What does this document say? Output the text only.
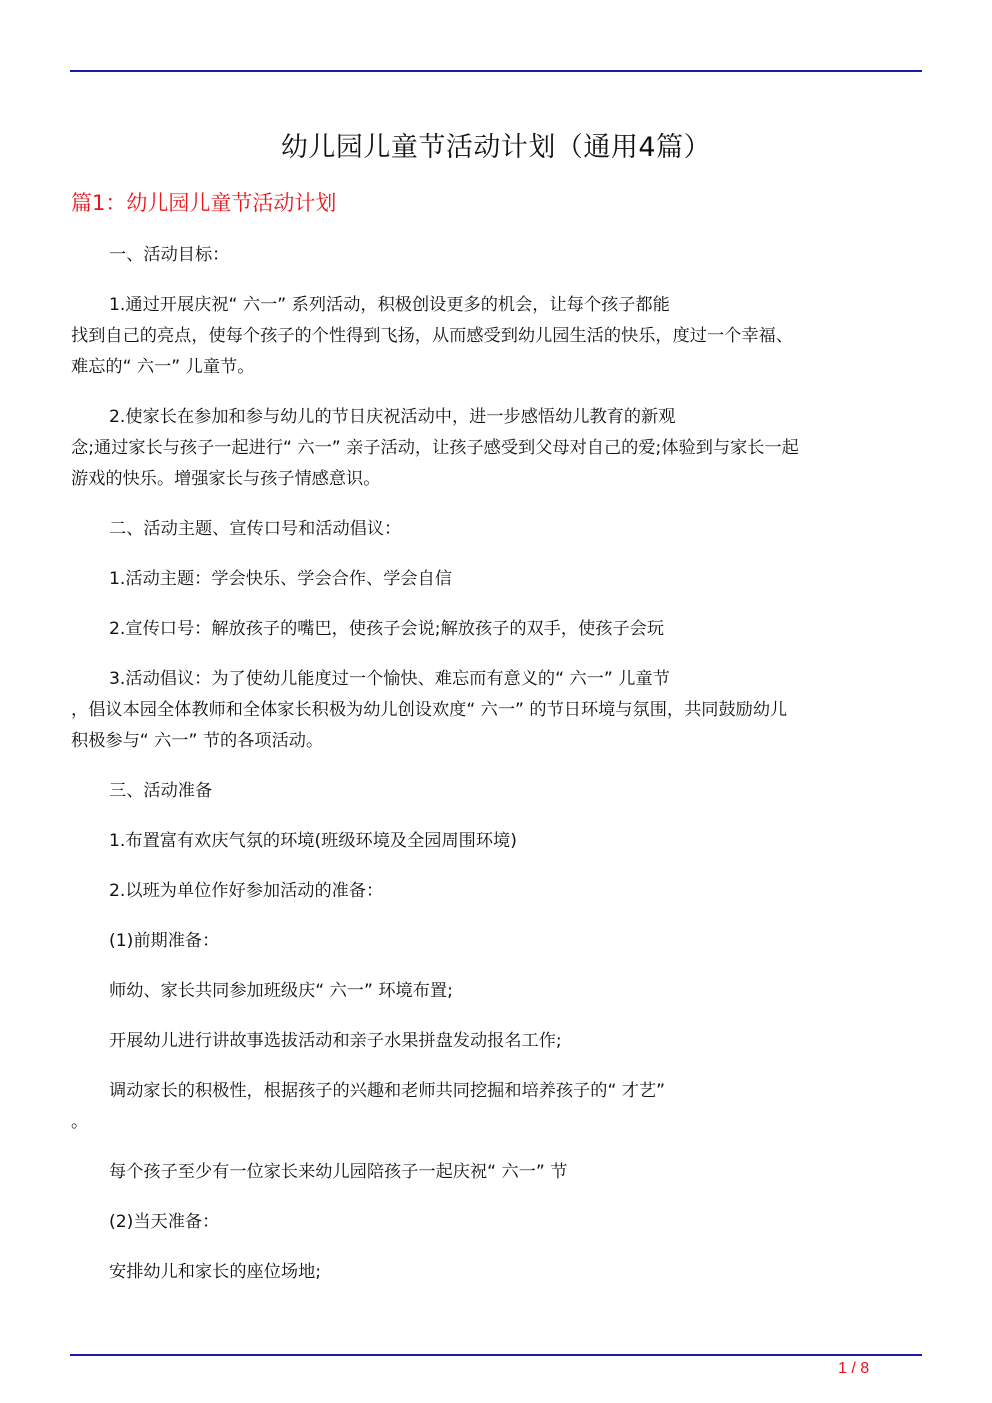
幼儿园儿童节活动计划（通用4篇）
篇1：幼儿园儿童节活动计划
一、活动目标：
1.通过开展庆祝“ 六一” 系列活动，积极创设更多的机会，让每个孩子都能
找到自己的亮点，使每个孩子的个性得到飞扬，从而感受到幼儿园生活的快乐，度过一个幸福、
难忘的“ 六一” 儿童节。
2.使家长在参加和参与幼儿的节日庆祝活动中，进一步感悟幼儿教育的新观
念;通过家长与孩子一起进行“ 六一” 亲子活动，让孩子感受到父母对自己的爱;体验到与家长一起
游戏的快乐。增强家长与孩子情感意识。
二、活动主题、宣传口号和活动倡议：
1.活动主题：学会快乐、学会合作、学会自信
2.宣传口号：解放孩子的嘴巴，使孩子会说;解放孩子的双手，使孩子会玩
3.活动倡议：为了使幼儿能度过一个愉快、难忘而有意义的“ 六一” 儿童节
，倡议本园全体教师和全体家长积极为幼儿创设欢度“ 六一” 的节日环境与氛围，共同鼓励幼儿
积极参与“ 六一” 节的各项活动。
三、活动准备
1.布置富有欢庆气氛的环境(班级环境及全园周围环境)
2.以班为单位作好参加活动的准备：
(1)前期准备：
师幼、家长共同参加班级庆“ 六一” 环境布置;
开展幼儿进行讲故事选拔活动和亲子水果拼盘发动报名工作;
调动家长的积极性，根据孩子的兴趣和老师共同挖掘和培养孩子的“ 才艺”
。
每个孩子至少有一位家长来幼儿园陪孩子一起庆祝“ 六一” 节
(2)当天准备：
安排幼儿和家长的座位场地;
1 / 8
